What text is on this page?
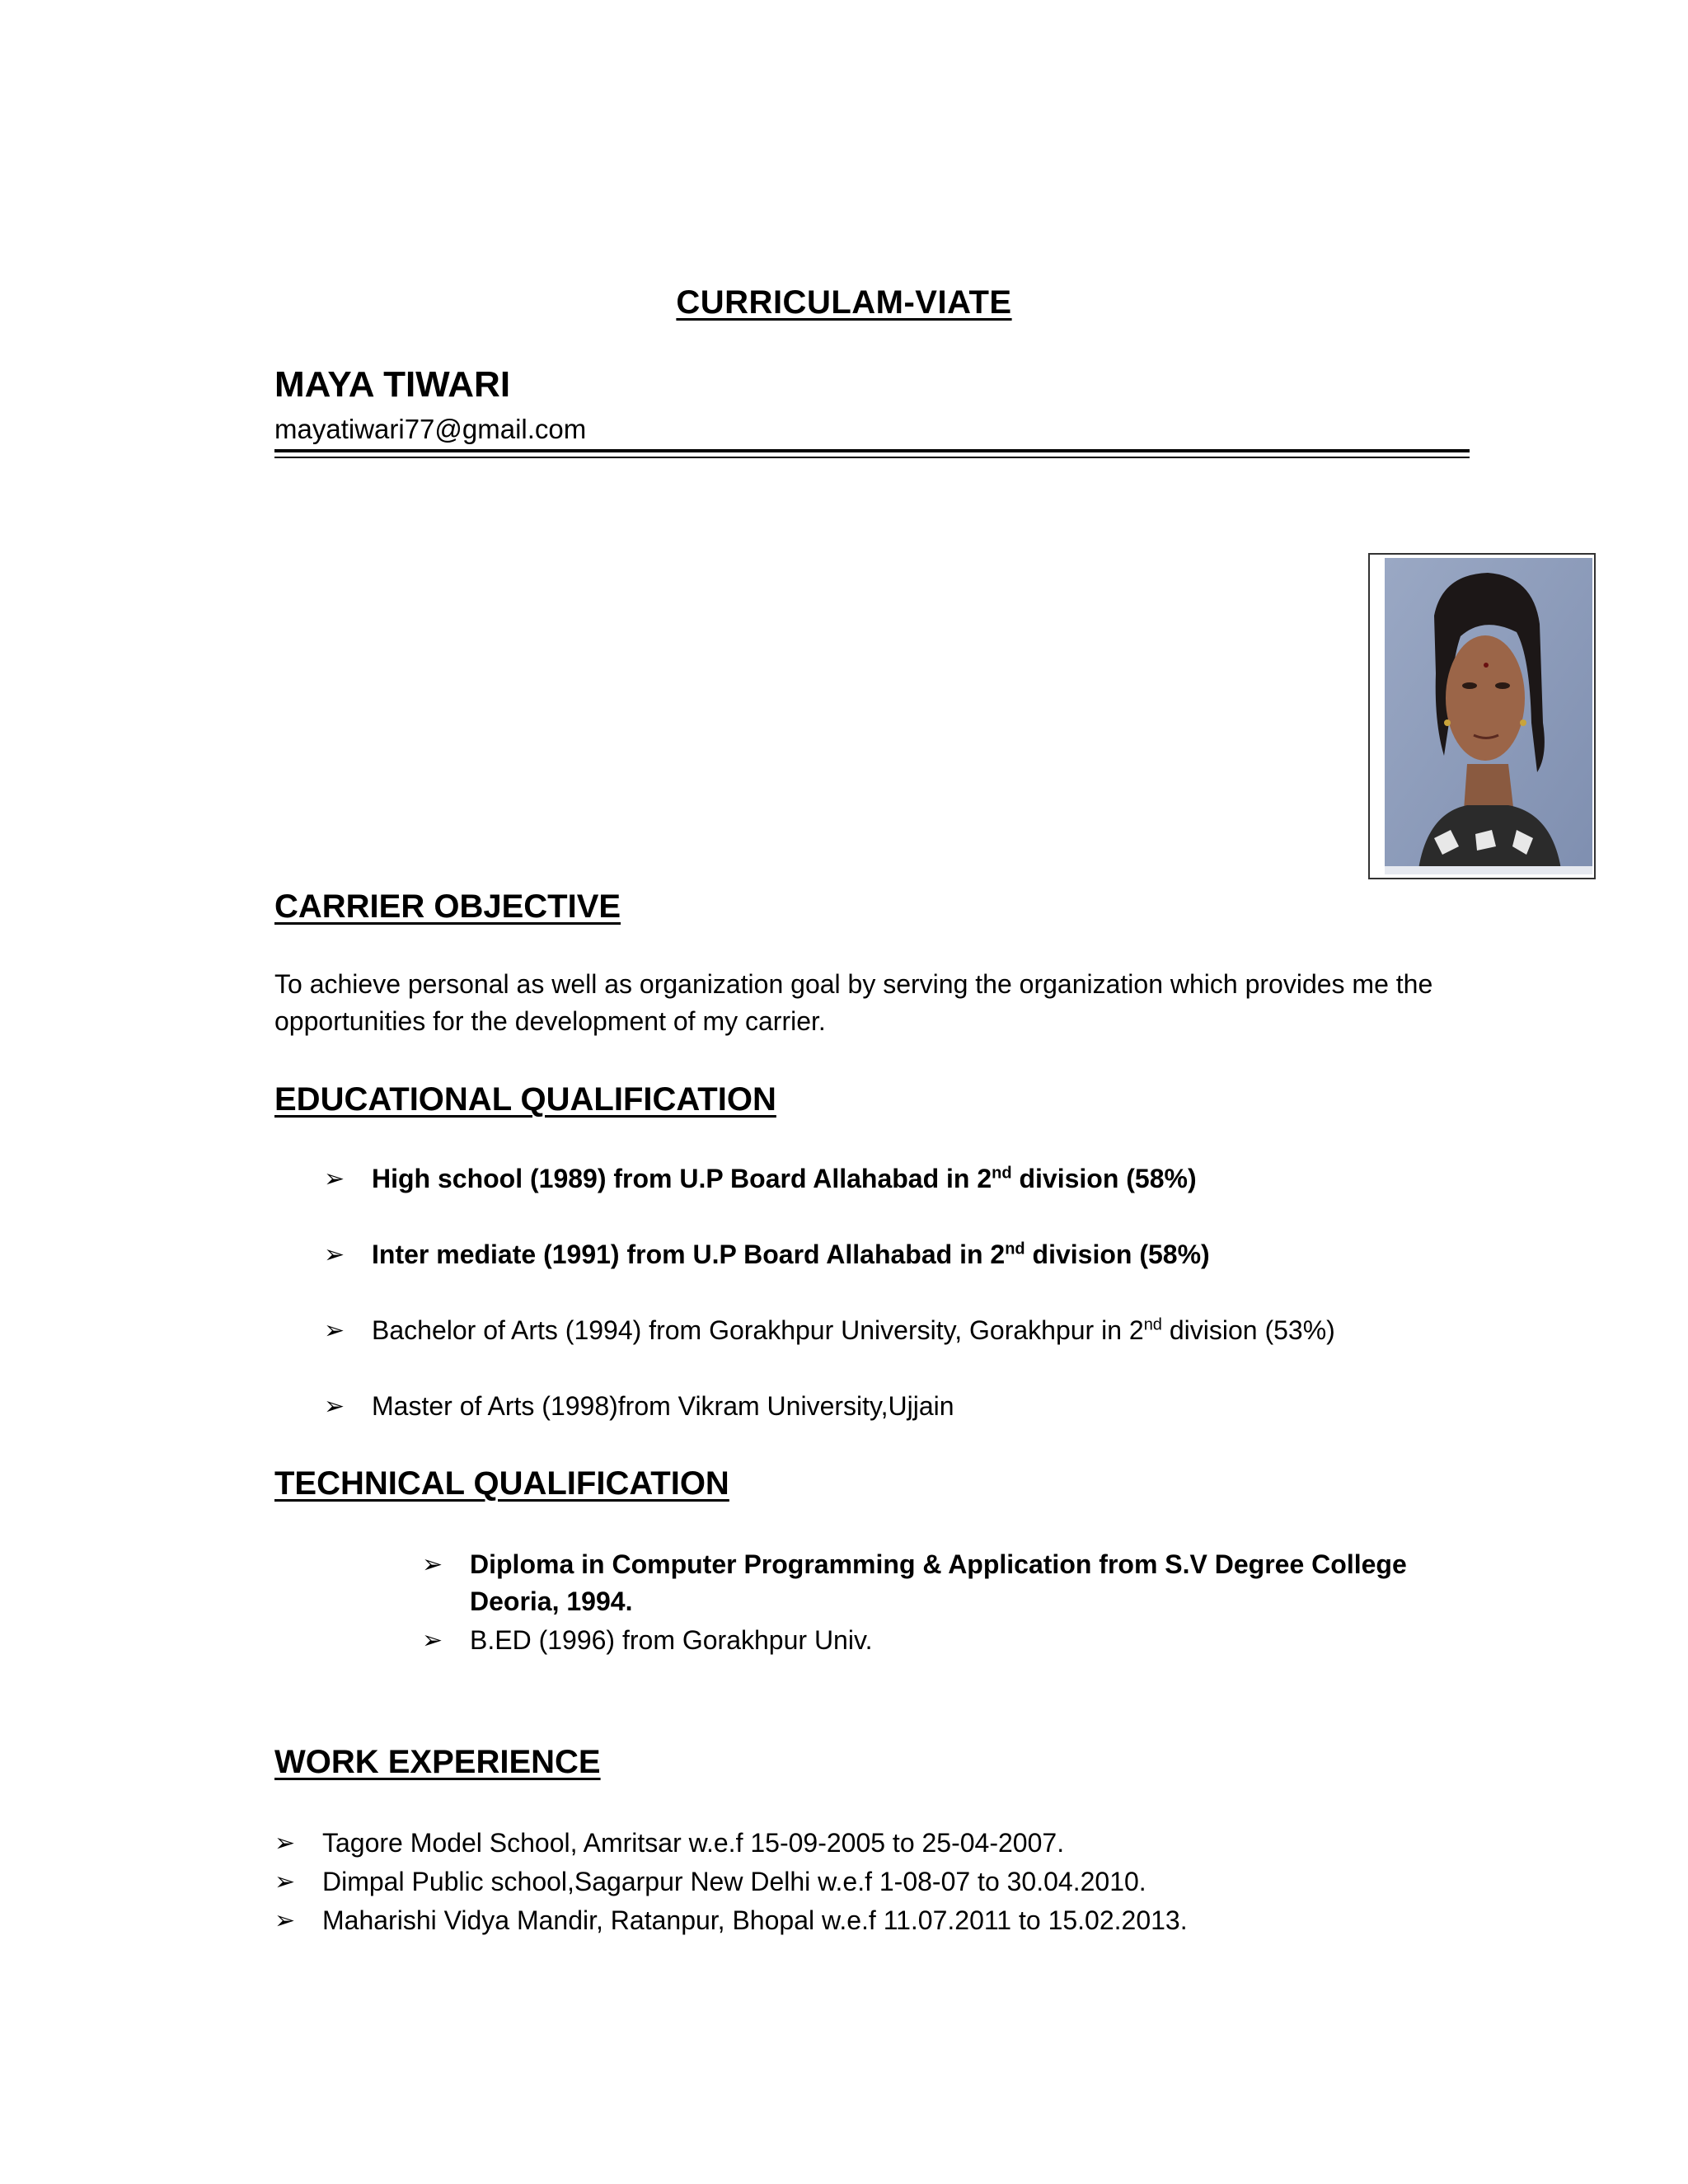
CURRICULAM-VIATE
MAYA TIWARI
mayatiwari77@gmail.com
CARRIER OBJECTIVE
To achieve personal as well as organization goal by serving the organization which provides me the opportunities for the development of my carrier.
EDUCATIONAL QUALIFICATION
➢ High school (1989) from U.P Board Allahabad in 2nd division (58%)
➢ Inter mediate (1991) from U.P Board Allahabad in 2nd division (58%)
➢ Bachelor of Arts (1994) from Gorakhpur University, Gorakhpur in 2nd division (53%)
➢ Master of Arts (1998)from Vikram University,Ujjain
TECHNICAL QUALIFICATION
➢ Diploma in Computer Programming & Application from S.V Degree College Deoria, 1994.
➢ B.ED (1996) from Gorakhpur Univ.
WORK EXPERIENCE
➢ Tagore Model School, Amritsar w.e.f 15-09-2005 to 25-04-2007.
➢ Dimpal Public school,Sagarpur New Delhi w.e.f 1-08-07 to 30.04.2010.
➢ Maharishi Vidya Mandir, Ratanpur, Bhopal w.e.f 11.07.2011 to 15.02.2013.
